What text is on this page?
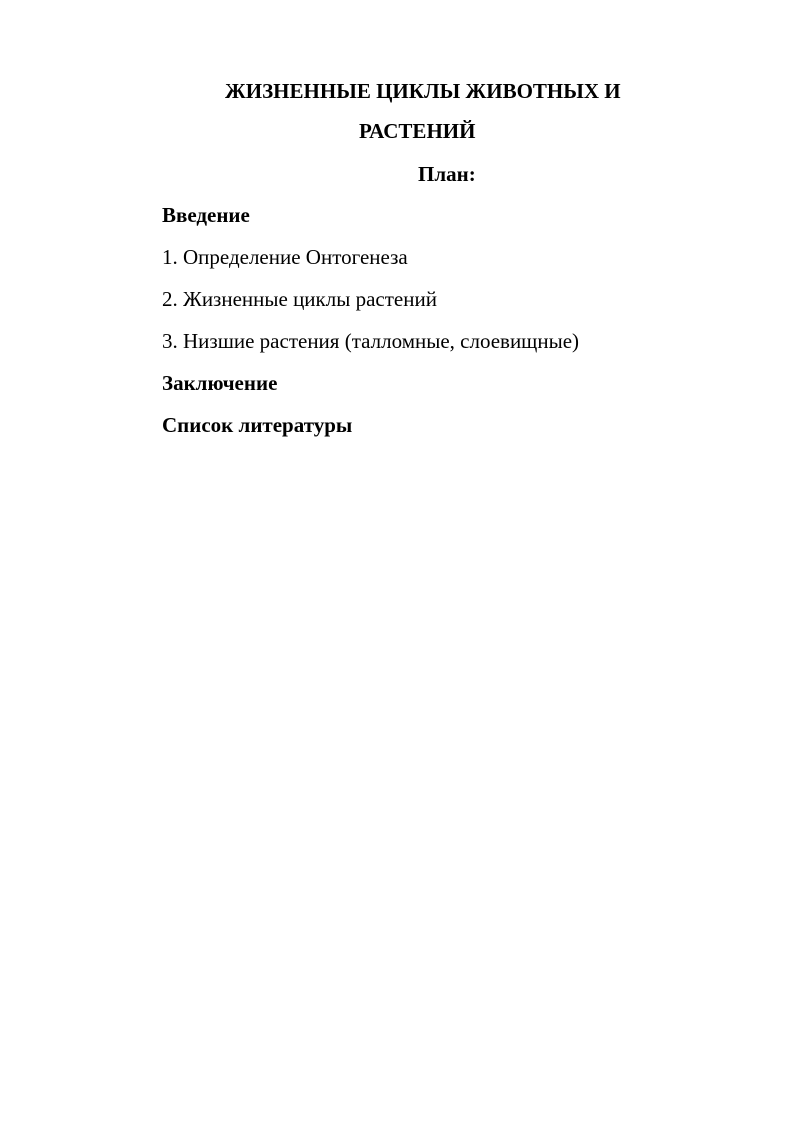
ЖИЗНЕННЫЕ ЦИКЛЫ ЖИВОТНЫХ И
РАСТЕНИЙ
План:
Введение
1. Определение Онтогенеза
2. Жизненные циклы растений
3. Низшие растения (талломные, слоевищные)
Заключение
Список литературы
